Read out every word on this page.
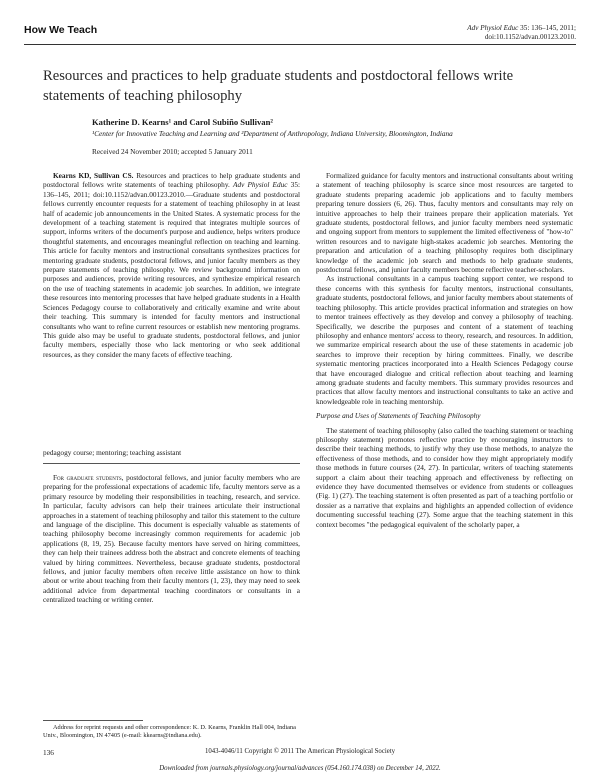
How We Teach	Adv Physiol Educ 35: 136–145, 2011;
doi:10.1152/advan.00123.2010.
Resources and practices to help graduate students and postdoctoral fellows write statements of teaching philosophy
Katherine D. Kearns¹ and Carol Subiño Sullivan²
¹Center for Innovative Teaching and Learning and ²Department of Anthropology, Indiana University, Bloomington, Indiana
Received 24 November 2010; accepted 5 January 2011

Kearns KD, Sullivan CS. Resources and practices to help graduate students and postdoctoral fellows write statements of teaching philosophy. Adv Physiol Educ 35: 136–145, 2011; doi:10.1152/advan.00123.2010.—Graduate students and postdoctoral fellows currently encounter requests for a statement of teaching philosophy in at least half of academic job announcements in the United States. A systematic process for the development of a teaching statement is required that integrates multiple sources of support, informs writers of the document's purpose and audience, helps writers produce thoughtful statements, and encourages meaningful reflection on teaching and learning. This article for faculty mentors and instructional consultants synthesizes practices for mentoring graduate students, postdoctoral fellows, and junior faculty members as they prepare statements of teaching philosophy. We review background information on purposes and audiences, provide writing resources, and synthesize empirical research on the use of teaching statements in academic job searches. In addition, we integrate these resources into mentoring processes that have helped graduate students in a Health Sciences Pedagogy course to collaboratively and critically examine and write about their teaching. This summary is intended for faculty mentors and instructional consultants who want to refine current resources or establish new mentoring programs. This guide also may be useful to graduate students, postdoctoral fellows, and junior faculty members, especially those who lack mentoring or who seek additional resources, as they consider the many facets of effective teaching.

pedagogy course; mentoring; teaching assistant

For graduate students, postdoctoral fellows, and junior faculty members who are preparing for the professional expectations of academic life, faculty mentors serve as a primary resource by modeling their responsibilities in teaching, research, and service. In particular, faculty advisors can help their trainees articulate their instructional approaches in a statement of teaching philosophy and tailor this statement to the culture and language of the discipline. This document is especially valuable as statements of teaching philosophy become increasingly common requirements for academic job applications (8, 19, 25). Because faculty mentors have served on hiring committees, they can help their trainees address both the abstract and concrete elements of teaching valued by hiring committees. Nevertheless, because graduate students, postdoctoral fellows, and junior faculty members often receive little assistance on how to think about or write about teaching from their faculty mentors (1, 23), they may need to seek additional advice from departmental teaching coordinators or consultants in a centralized teaching or writing center.

Formalized guidance for faculty mentors and instructional consultants about writing a statement of teaching philosophy is scarce since most resources are targeted to graduate students preparing academic job applications and to faculty members preparing tenure dossiers (6, 26). Thus, faculty mentors and consultants may rely on intuitive approaches to help their trainees prepare their application materials. Yet graduate students, postdoctoral fellows, and junior faculty members need systematic and ongoing support from mentors to supplement the limited effectiveness of "how-to" written resources and to navigate high-stakes academic job searches. Mentoring the preparation and articulation of a teaching philosophy requires both disciplinary knowledge of the academic job search and methods to help graduate students, postdoctoral fellows, and junior faculty members become reflective teacher-scholars.

As instructional consultants in a campus teaching support center, we respond to these concerns with this synthesis for faculty mentors, instructional consultants, graduate students, postdoctoral fellows, and junior faculty members about statements of teaching philosophy. This article provides practical information and strategies on how to mentor trainees effectively as they develop and convey a philosophy of teaching. Specifically, we describe the purposes and content of a statement of teaching philosophy and enhance mentors' access to theory, research, and resources. In addition, we summarize empirical research about the use of these statements in academic job searches to improve their reception by hiring committees. Finally, we describe systematic mentoring practices incorporated into a Health Sciences Pedagogy course that have encouraged dialogue and critical reflection about teaching and learning among graduate students and faculty members. This summary provides resources and practices that allow faculty mentors and instructional consultants to take an active and knowledgeable role in teaching mentorship.

Purpose and Uses of Statements of Teaching Philosophy

The statement of teaching philosophy (also called the teaching statement or teaching philosophy statement) promotes reflective practice by encouraging instructors to describe their teaching methods, to justify why they use those methods, to analyze the effectiveness of those methods, and to consider how they might appropriately modify those methods in future courses (24, 27). In particular, writers of teaching statements support a claim about their teaching approach and effectiveness by reflecting on evidence they have documented themselves or evidence from students or colleagues (Fig. 1) (27). The teaching statement is often presented as part of a teaching portfolio or dossier as a narrative that explains and highlights an appended collection of evidence documenting successful teaching (27). Some argue that the teaching statement in this context becomes "the pedagogical equivalent of the scholarly paper, a

Address for reprint requests and other correspondence: K. D. Kearns, Franklin Hall 004, Indiana Univ., Bloomington, IN 47405 (e-mail: kkearns@indiana.edu).
136	1043-4046/11 Copyright © 2011 The American Physiological Society
Downloaded from journals.physiology.org/journal/advances (054.160.174.038) on December 14, 2022.
